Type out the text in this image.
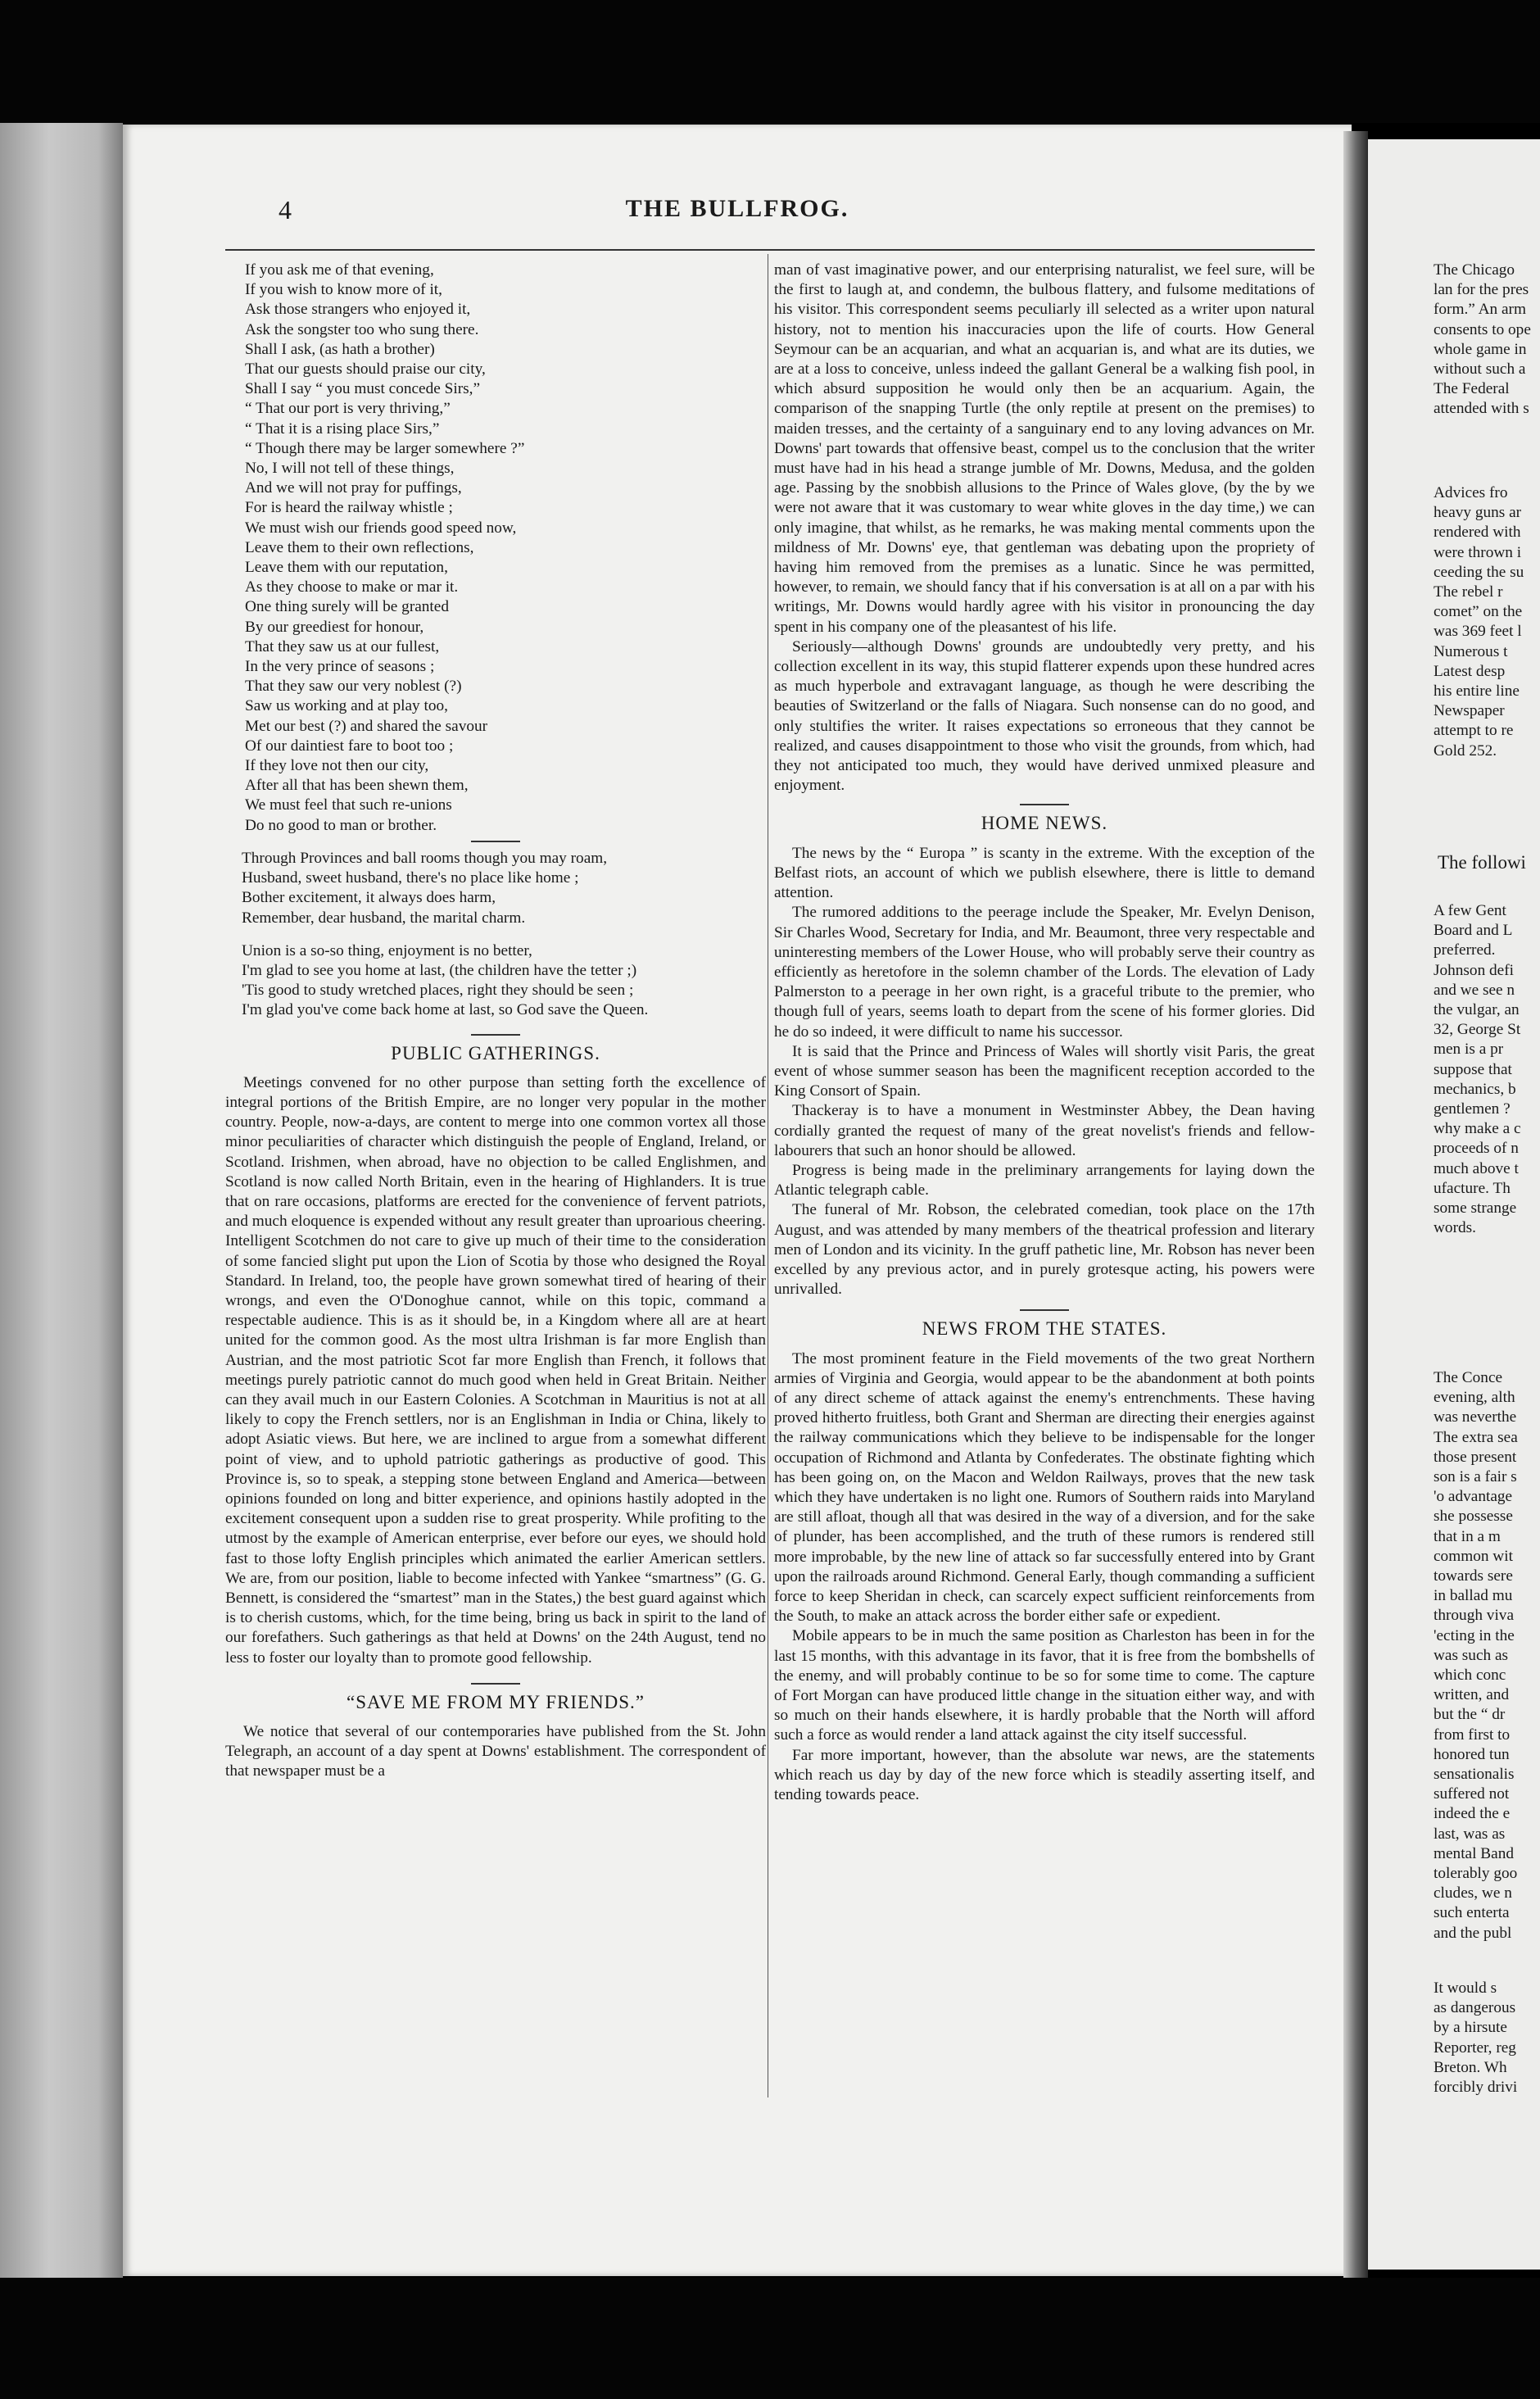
The Chicago
lan for the pres
form.” An arm
consents to ope
whole game in
without such a
The Federal
attended with s
Advices fro
heavy guns ar
rendered with
were thrown i
ceeding the su
The rebel r
comet” on the
was 369 feet l
Numerous t
Latest desp
his entire line
Newspaper
attempt to re
Gold 252.
The followi
A few Gent
Board and L
preferred.
Johnson defi
and we see n
the vulgar, an
32, George St
men is a pr
suppose that
mechanics, b
gentlemen ?
why make a c
proceeds of n
much above t
ufacture. Th
some strange
words.
The Conce
evening, alth
was neverthe
The extra sea
those present
son is a fair s
'o advantage
she possesse
that in a m
common wit
towards sere
in ballad mu
through viva
'ecting in the
was such as
which conc
written, and
but the “ dr
from first to
honored tun
sensationalis
suffered not
indeed the e
last, was as
mental Band
tolerably goo
cludes, we n
such enterta
and the publ
It would s
as dangerous
by a hirsute
Reporter, reg
Breton. Wh
forcibly drivi
4	THE BULLFROG.
If you ask me of that evening,
If you wish to know more of it,
Ask those strangers who enjoyed it,
Ask the songster too who sung there.
Shall I ask, (as hath a brother)
That our guests should praise our city,
Shall I say “ you must concede Sirs,”
“ That our port is very thriving,”
“ That it is a rising place Sirs,”
“ Though there may be larger somewhere ?”
No, I will not tell of these things,
And we will not pray for puffings,
For is heard the railway whistle ;
We must wish our friends good speed now,
Leave them to their own reflections,
Leave them with our reputation,
As they choose to make or mar it.
One thing surely will be granted
By our greediest for honour,
That they saw us at our fullest,
In the very prince of seasons ;
That they saw our very noblest (?)
Saw us working and at play too,
Met our best (?) and shared the savour
Of our daintiest fare to boot too ;
If they love not then our city,
After all that has been shewn them,
We must feel that such re-unions
Do no good to man or brother.
Through Provinces and ball rooms though you may roam,
Husband, sweet husband, there's no place like home ;
Bother excitement, it always does harm,
Remember, dear husband, the marital charm.
Union is a so-so thing, enjoyment is no better,
I'm glad to see you home at last, (the children have the tetter ;)
'Tis good to study wretched places, right they should be seen ;
I'm glad you've come back home at last, so God save the Queen.
PUBLIC GATHERINGS.

Meetings convened for no other purpose than setting forth the excellence of integral portions of the British Empire, are no longer very popular in the mother country. People, now-a-days, are content to merge into one common vortex all those minor peculiarities of character which distinguish the people of England, Ireland, or Scotland. Irishmen, when abroad, have no objection to be called Englishmen, and Scotland is now called North Britain, even in the hearing of Highlanders. It is true that on rare occasions, platforms are erected for the convenience of fervent patriots, and much eloquence is expended without any result greater than uproarious cheering. Intelligent Scotchmen do not care to give up much of their time to the consideration of some fancied slight put upon the Lion of Scotia by those who designed the Royal Standard. In Ireland, too, the people have grown somewhat tired of hearing of their wrongs, and even the O'Donoghue cannot, while on this topic, command a respectable audience. This is as it should be, in a Kingdom where all are at heart united for the common good. As the most ultra Irishman is far more English than Austrian, and the most patriotic Scot far more English than French, it follows that meetings purely patriotic cannot do much good when held in Great Britain. Neither can they avail much in our Eastern Colonies. A Scotchman in Mauritius is not at all likely to copy the French settlers, nor is an Englishman in India or China, likely to adopt Asiatic views. But here, we are inclined to argue from a somewhat different point of view, and to uphold patriotic gatherings as productive of good. This Province is, so to speak, a stepping stone between England and America—between opinions founded on long and bitter experience, and opinions hastily adopted in the excitement consequent upon a sudden rise to great prosperity. While profiting to the utmost by the example of American enterprise, ever before our eyes, we should hold fast to those lofty English principles which animated the earlier American settlers. We are, from our position, liable to become infected with Yankee “smartness” (G. G. Bennett, is considered the “smartest” man in the States,) the best guard against which is to cherish customs, which, for the time being, bring us back in spirit to the land of our forefathers. Such gatherings as that held at Downs' on the 24th August, tend no less to foster our loyalty than to promote good fellowship.

“SAVE ME FROM MY FRIENDS.”

We notice that several of our contemporaries have published from the St. John Telegraph, an account of a day spent at Downs' establishment. The correspondent of that newspaper must be a

man of vast imaginative power, and our enterprising naturalist, we feel sure, will be the first to laugh at, and condemn, the bulbous flattery, and fulsome meditations of his visitor. This correspondent seems peculiarly ill selected as a writer upon natural history, not to mention his inaccuracies upon the life of courts. How General Seymour can be an acquarian, and what an acquarian is, and what are its duties, we are at a loss to conceive, unless indeed the gallant General be a walking fish pool, in which absurd supposition he would only then be an acquarium. Again, the comparison of the snapping Turtle (the only reptile at present on the premises) to maiden tresses, and the certainty of a sanguinary end to any loving advances on Mr. Downs' part towards that offensive beast, compel us to the conclusion that the writer must have had in his head a strange jumble of Mr. Downs, Medusa, and the golden age. Passing by the snobbish allusions to the Prince of Wales glove, (by the by we were not aware that it was customary to wear white gloves in the day time,) we can only imagine, that whilst, as he remarks, he was making mental comments upon the mildness of Mr. Downs' eye, that gentleman was debating upon the propriety of having him removed from the premises as a lunatic. Since he was permitted, however, to remain, we should fancy that if his conversation is at all on a par with his writings, Mr. Downs would hardly agree with his visitor in pronouncing the day spent in his company one of the pleasantest of his life.

Seriously—although Downs' grounds are undoubtedly very pretty, and his collection excellent in its way, this stupid flatterer expends upon these hundred acres as much hyperbole and extravagant language, as though he were describing the beauties of Switzerland or the falls of Niagara. Such nonsense can do no good, and only stultifies the writer. It raises expectations so erroneous that they cannot be realized, and causes disappointment to those who visit the grounds, from which, had they not anticipated too much, they would have derived unmixed pleasure and enjoyment.

HOME NEWS.

The news by the “ Europa ” is scanty in the extreme. With the exception of the Belfast riots, an account of which we publish elsewhere, there is little to demand attention.

The rumored additions to the peerage include the Speaker, Mr. Evelyn Denison, Sir Charles Wood, Secretary for India, and Mr. Beaumont, three very respectable and uninteresting members of the Lower House, who will probably serve their country as efficiently as heretofore in the solemn chamber of the Lords. The elevation of Lady Palmerston to a peerage in her own right, is a graceful tribute to the premier, who though full of years, seems loath to depart from the scene of his former glories. Did he do so indeed, it were difficult to name his successor.

It is said that the Prince and Princess of Wales will shortly visit Paris, the great event of whose summer season has been the magnificent reception accorded to the King Consort of Spain.

Thackeray is to have a monument in Westminster Abbey, the Dean having cordially granted the request of many of the great novelist's friends and fellow-labourers that such an honor should be allowed.

Progress is being made in the preliminary arrangements for laying down the Atlantic telegraph cable.

The funeral of Mr. Robson, the celebrated comedian, took place on the 17th August, and was attended by many members of the theatrical profession and literary men of London and its vicinity. In the gruff pathetic line, Mr. Robson has never been excelled by any previous actor, and in purely grotesque acting, his powers were unrivalled.

NEWS FROM THE STATES.

The most prominent feature in the Field movements of the two great Northern armies of Virginia and Georgia, would appear to be the abandonment at both points of any direct scheme of attack against the enemy's entrenchments. These having proved hitherto fruitless, both Grant and Sherman are directing their energies against the railway communications which they believe to be indispensable for the longer occupation of Richmond and Atlanta by Confederates. The obstinate fighting which has been going on, on the Macon and Weldon Railways, proves that the new task which they have undertaken is no light one. Rumors of Southern raids into Maryland are still afloat, though all that was desired in the way of a diversion, and for the sake of plunder, has been accomplished, and the truth of these rumors is rendered still more improbable, by the new line of attack so far successfully entered into by Grant upon the railroads around Richmond. General Early, though commanding a sufficient force to keep Sheridan in check, can scarcely expect sufficient reinforcements from the South, to make an attack across the border either safe or expedient.

Mobile appears to be in much the same position as Charleston has been in for the last 15 months, with this advantage in its favor, that it is free from the bombshells of the enemy, and will probably continue to be so for some time to come. The capture of Fort Morgan can have produced little change in the situation either way, and with so much on their hands elsewhere, it is hardly probable that the North will afford such a force as would render a land attack against the city itself successful.

Far more important, however, than the absolute war news, are the statements which reach us day by day of the new force which is steadily asserting itself, and tending towards peace.
